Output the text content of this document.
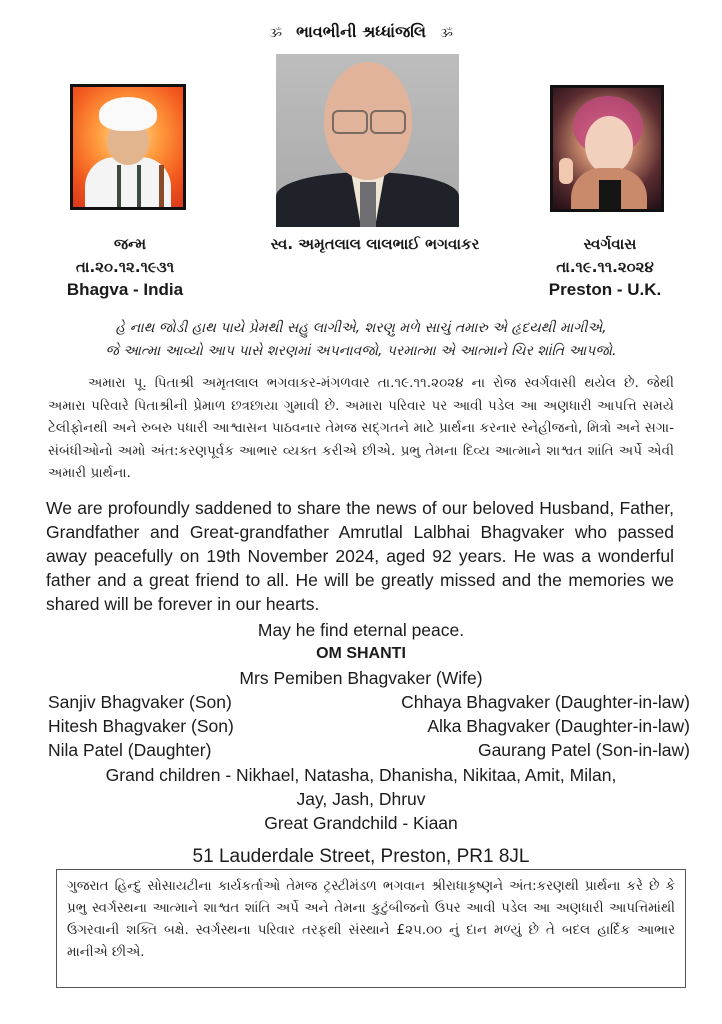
ૐ ભાવભીની શ્રધ્ધાંજલિ ૐ
જન્મ
તા.૨૦.૧૨.૧૯૩૧
Bhagva - India
સ્વ. અમૃતલાલ લાલભાઈ ભગવાકર	સ્વર્ગવાસ
તા.૧૯.૧૧.૨૦૨૪
Preston - U.K.
હે નાથ જોડી હાથ પાયે પ્રેમથી સહુ લાગીએ, શરણુ મળે સાચું તમારુ એ હૃદયથી માગીએ,
જે આત્મા આવ્યો આપ પાસે શરણમાં અપનાવજો, પરમાત્મા એ આત્માને ચિર શાંતિ આપજો.
અમારા પૂ. પિતાશ્રી અમૃતલાલ ભગવાકર-મંગળવાર તા.૧૯.૧૧.૨૦૨૪ ના રોજ સ્વર્ગવાસી થયેલ છે. જેથી અમારા પરિવારે પિતાશ્રીની પ્રેમાળ છત્રછાયા ગુમાવી છે. અમારા પરિવાર પર આવી પડેલ આ અણધારી આપત્તિ સમયે ટેલીફોનથી અને રુબરુ પધારી આશ્વાસન પાઠવનાર તેમજ સદ્ગતને માટે પ્રાર્થના કરનાર સ્નેહીજનો, મિત્રો અને સગા-સંબંધીઓનો અમો અંત:કરણપૂર્વક આભાર વ્યક્ત કરીએ છીએ. પ્રભુ તેમના દિવ્ય આત્માને શાશ્વત શાંતિ અર્પે એવી અમારી પ્રાર્થના.
We are profoundly saddened to share the news of our beloved Husband, Father, Grandfather and Great-grandfather Amrutlal Lalbhai Bhagvaker who passed away peacefully on 19th November 2024, aged 92 years. He was a wonderful father and a great friend to all. He will be greatly missed and the memories we shared will be forever in our hearts.
May he find eternal peace.
OM SHANTI
Mrs Pemiben Bhagvaker (Wife)
Sanjiv Bhagvaker (Son)	Chhaya Bhagvaker (Daughter-in-law)
Hitesh Bhagvaker (Son)	Alka Bhagvaker (Daughter-in-law)
Nila Patel (Daughter)	Gaurang Patel (Son-in-law)
Grand children - Nikhael, Natasha, Dhanisha, Nikitaa, Amit, Milan,
Jay, Jash, Dhruv
Great Grandchild - Kiaan
51 Lauderdale Street, Preston, PR1 8JL
ગુજરાત હિન્દુ સોસાયટીના કાર્યકર્તાઓ તેમજ ટ્રસ્ટીમંડળ ભગવાન શ્રીરાધાકૃષ્ણને અંત:કરણથી પ્રાર્થના કરે છે કે પ્રભુ સ્વર્ગસ્થના આત્માને શાશ્વત શાંતિ અર્પે અને તેમના કુટુંબીજનો ઉપર આવી પડેલ આ અણધારી આપત્તિમાંથી ઉગરવાની શક્તિ બક્ષે. સ્વર્ગસ્થના પરિવાર તરફથી સંસ્થાને £૨૫.૦૦ નું દાન મળ્યું છે તે બદલ હાર્દિક આભાર માનીએ છીએ.
